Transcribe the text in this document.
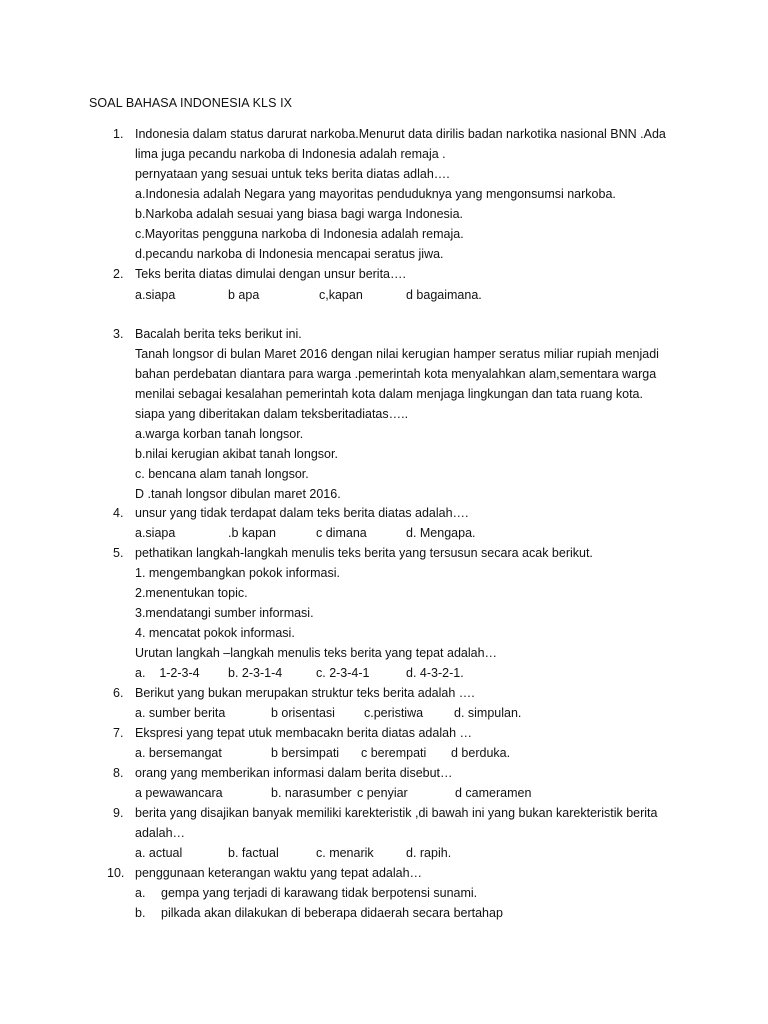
SOAL BAHASA INDONESIA KLS IX
1. Indonesia dalam status darurat narkoba.Menurut data dirilis badan narkotika nasional BNN .Ada
lima juga pecandu narkoba di Indonesia adalah remaja .
pernyataan yang sesuai untuk teks berita diatas adlah….
a.Indonesia adalah Negara yang mayoritas penduduknya yang mengonsumsi narkoba.
b.Narkoba adalah sesuai yang biasa bagi warga Indonesia.
c.Mayoritas pengguna narkoba di Indonesia adalah remaja.
d.pecandu narkoba di Indonesia mencapai seratus jiwa.
2. Teks berita diatas dimulai dengan unsur berita….
a.siapa	b apa	c,kapan	d bagaimana.
3. Bacalah berita teks berikut ini.
Tanah longsor di bulan Maret 2016 dengan nilai kerugian hamper seratus miliar rupiah menjadi
bahan perdebatan diantara para warga .pemerintah kota menyalahkan alam,sementara warga
menilai sebagai kesalahan pemerintah kota dalam menjaga lingkungan dan tata ruang kota.
siapa yang diberitakan dalam teksberitadiatas…..
a.warga korban tanah longsor.
b.nilai kerugian akibat tanah longsor.
c. bencana alam tanah longsor.
D .tanah longsor dibulan maret 2016.
4. unsur yang tidak terdapat dalam teks berita diatas adalah….
a.siapa	.b kapan	c dimana	d. Mengapa.
5. pethatikan langkah-langkah menulis teks berita yang tersusun secara acak berikut.
1. mengembangkan pokok informasi.
2.menentukan topic.
3.mendatangi sumber informasi.
4. mencatat pokok informasi.
Urutan langkah –langkah menulis teks berita yang tepat adalah…
a.    1-2-3-4 b. 2-3-1-4	c. 2-3-4-1	d. 4-3-2-1.
6. Berikut yang bukan merupakan struktur teks berita adalah ….
a. sumber berita	b orisentasi c.peristiwa d. simpulan.
7. Ekspresi yang tepat utuk membacakn berita diatas adalah …
a. bersemangat	b bersimpati c berempati d berduka.
8. orang yang memberikan informasi dalam berita disebut…
a pewawancara	b. narasumber c penyiar	d cameramen
9. berita yang disajikan banyak memiliki karekteristik ,di bawah ini yang bukan karekteristik berita
adalah…
a. actual	b. factual	c. menarik	d. rapih.
10. penggunaan keterangan waktu yang tepat adalah…
a. gempa yang terjadi di karawang tidak berpotensi sunami.
b. pilkada akan dilakukan di beberapa didaerah secara bertahap
